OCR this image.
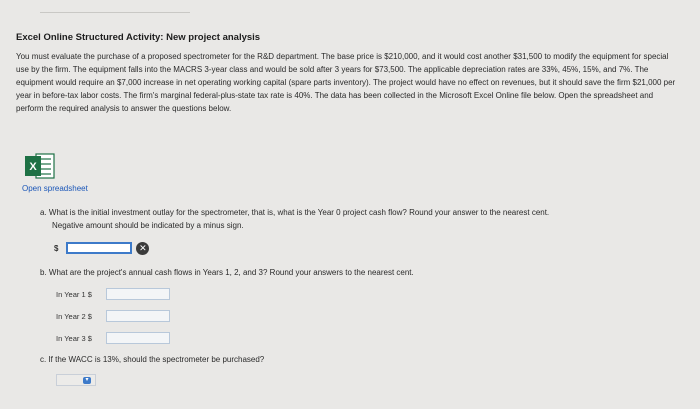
Excel Online Structured Activity: New project analysis
You must evaluate the purchase of a proposed spectrometer for the R&D department. The base price is $210,000, and it would cost another $31,500 to modify the equipment for special use by the firm. The equipment falls into the MACRS 3-year class and would be sold after 3 years for $73,500. The applicable depreciation rates are 33%, 45%, 15%, and 7%. The equipment would require an $7,000 increase in net operating working capital (spare parts inventory). The project would have no effect on revenues, but it should save the firm $21,000 per year in before-tax labor costs. The firm's marginal federal-plus-state tax rate is 40%. The data has been collected in the Microsoft Excel Online file below. Open the spreadsheet and perform the required analysis to answer the questions below.
X
Open spreadsheet
a. What is the initial investment outlay for the spectrometer, that is, what is the Year 0 project cash flow? Round your answer to the nearest cent.
Negative amount should be indicated by a minus sign.
$	✕
b. What are the project's annual cash flows in Years 1, 2, and 3? Round your answers to the nearest cent.
In Year 1 $
In Year 2 $
In Year 3 $
c. If the WACC is 13%, should the spectrometer be purchased?
▾
